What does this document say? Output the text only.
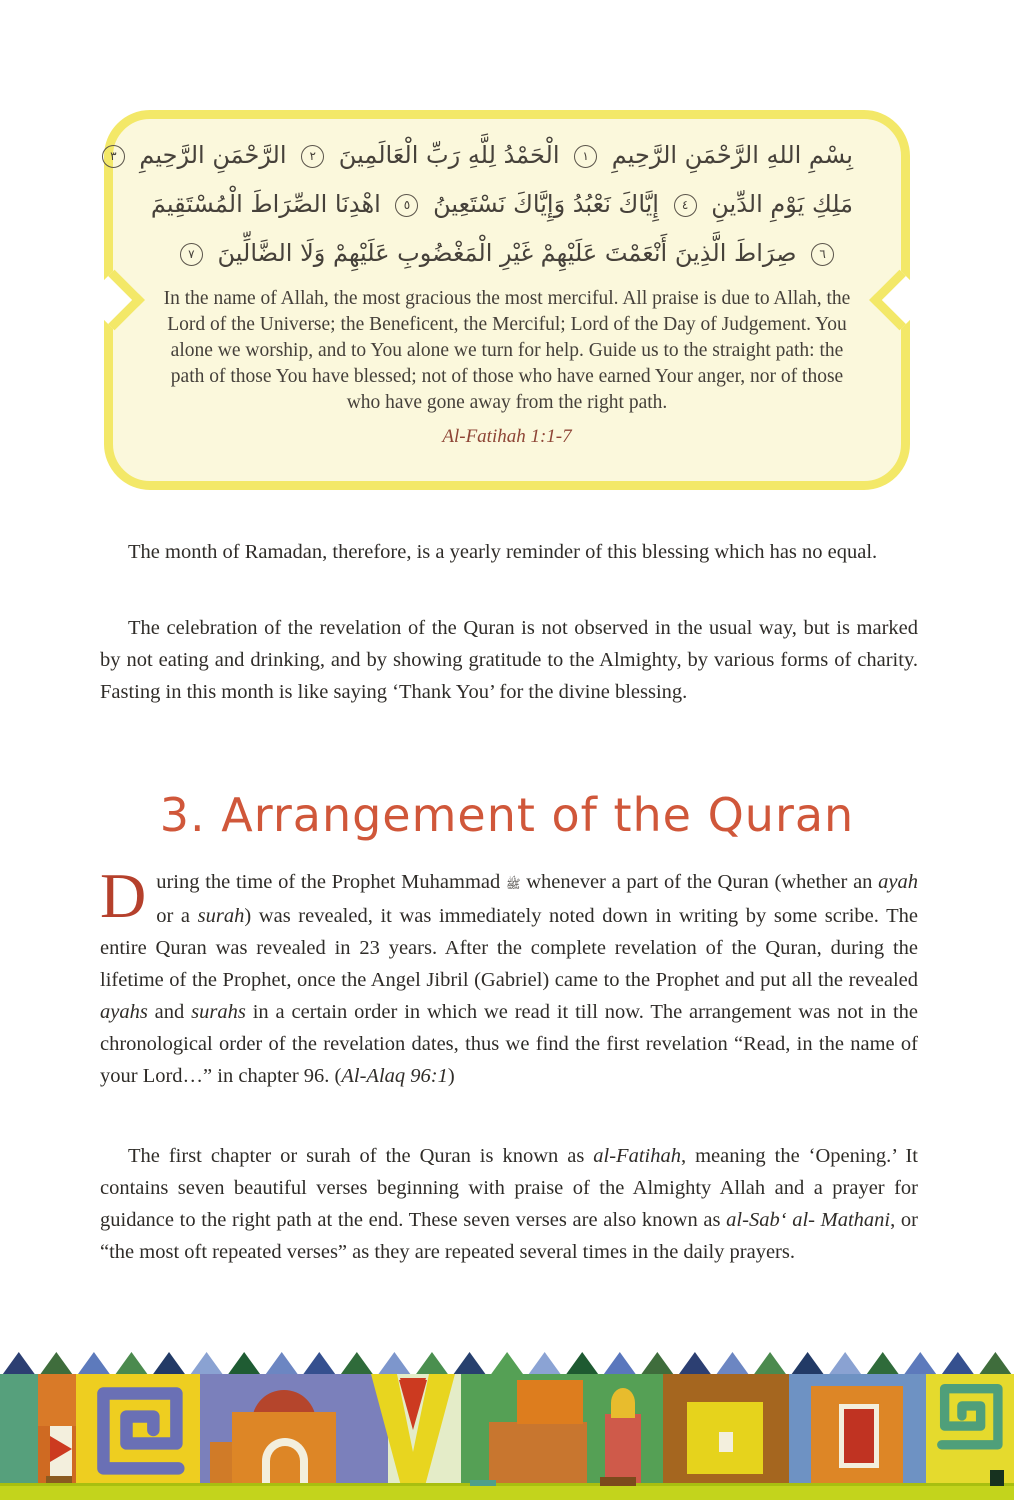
بِسْمِ اللهِ الرَّحْمَنِ الرَّحِيمِ ١ الْحَمْدُ لِلَّهِ رَبِّ الْعَالَمِينَ ٢ الرَّحْمَنِ الرَّحِيمِ ٣
مَلِكِ يَوْمِ الدِّينِ ٤ إِيَّاكَ نَعْبُدُ وَإِيَّاكَ نَسْتَعِينُ ٥ اهْدِنَا الصِّرَاطَ الْمُسْتَقِيمَ
٦ صِرَاطَ الَّذِينَ أَنْعَمْتَ عَلَيْهِمْ غَيْرِ الْمَغْضُوبِ عَلَيْهِمْ وَلَا الضَّالِّينَ ٧

In the name of Allah, the most gracious the most merciful. All praise is due to Allah, the Lord of the Universe; the Beneficent, the Merciful; Lord of the Day of Judgement. You alone we worship, and to You alone we turn for help. Guide us to the straight path: the path of those You have blessed; not of those who have earned Your anger, nor of those who have gone away from the right path.

Al-Fatihah 1:1-7

The month of Ramadan, therefore, is a yearly reminder of this blessing which has no equal.

The celebration of the revelation of the Quran is not observed in the usual way, but is marked by not eating and drinking, and by showing gratitude to the Almighty, by various forms of charity. Fasting in this month is like saying ‘Thank You’ for the divine blessing.

3. Arrangement of the Quran

During the time of the Prophet Muhammad ﷺ whenever a part of the Quran (whether an ayah or a surah) was revealed, it was immediately noted down in writing by some scribe. The entire Quran was revealed in 23 years. After the complete revelation of the Quran, during the lifetime of the Prophet, once the Angel Jibril (Gabriel) came to the Prophet and put all the revealed ayahs and surahs in a certain order in which we read it till now. The arrangement was not in the chronological order of the revelation dates, thus we find the first revelation “Read, in the name of your Lord…” in chapter 96. (Al-Alaq 96:1)

The first chapter or surah of the Quran is known as al-Fatihah, meaning the ‘Opening.’ It contains seven beautiful verses beginning with praise of the Almighty Allah and a prayer for guidance to the right path at the end. These seven verses are also known as al-Sab‘ al- Mathani, or “the most oft repeated verses” as they are repeated several times in the daily prayers.
